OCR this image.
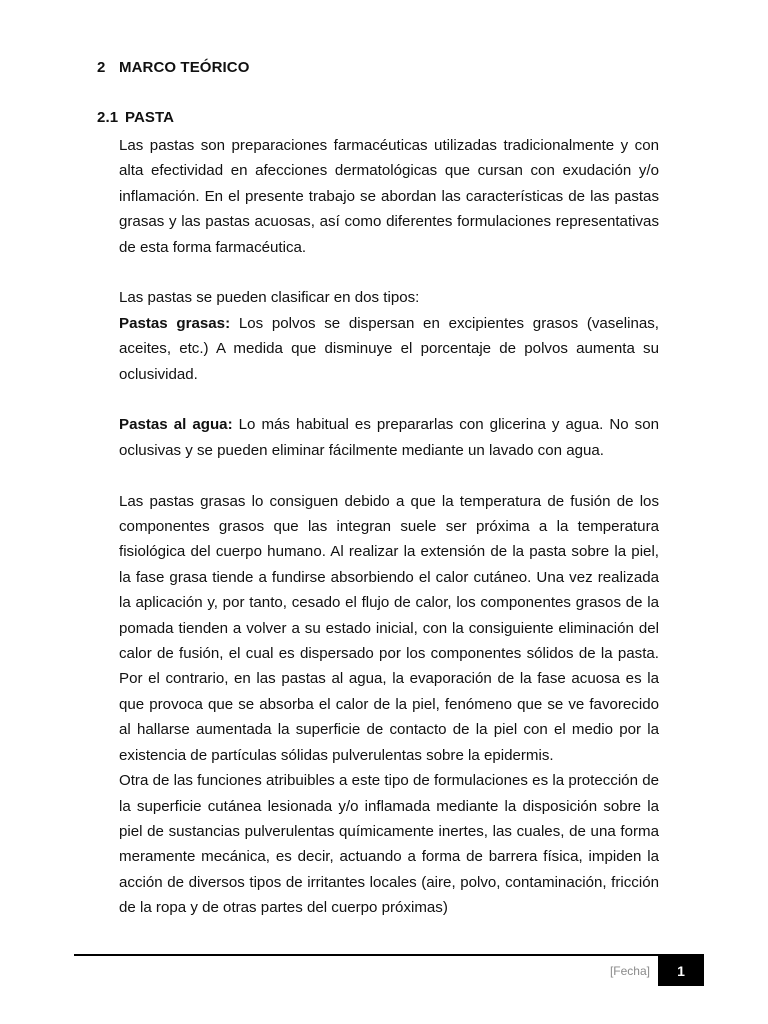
2 MARCO TEÓRICO
2.1 PASTA

Las pastas son preparaciones farmacéuticas utilizadas tradicionalmente y con alta efectividad en afecciones dermatológicas que cursan con exudación y/o inflamación. En el presente trabajo se abordan las características de las pastas grasas y las pastas acuosas, así como diferentes formulaciones representativas de esta forma farmacéutica.

Las pastas se pueden clasificar en dos tipos:

Pastas grasas: Los polvos se dispersan en excipientes grasos (vaselinas, aceites, etc.) A medida que disminuye el porcentaje de polvos aumenta su oclusividad.

Pastas al agua: Lo más habitual es prepararlas con glicerina y agua. No son oclusivas y se pueden eliminar fácilmente mediante un lavado con agua.

Las pastas grasas lo consiguen debido a que la temperatura de fusión de los componentes grasos que las integran suele ser próxima a la temperatura fisiológica del cuerpo humano. Al realizar la extensión de la pasta sobre la piel, la fase grasa tiende a fundirse absorbiendo el calor cutáneo. Una vez realizada la aplicación y, por tanto, cesado el flujo de calor, los componentes grasos de la pomada tienden a volver a su estado inicial, con la consiguiente eliminación del calor de fusión, el cual es dispersado por los componentes sólidos de la pasta. Por el contrario, en las pastas al agua, la evaporación de la fase acuosa es la que provoca que se absorba el calor de la piel, fenómeno que se ve favorecido al hallarse aumentada la superficie de contacto de la piel con el medio por la existencia de partículas sólidas pulverulentas sobre la epidermis.

Otra de las funciones atribuibles a este tipo de formulaciones es la protección de la superficie cutánea lesionada y/o inflamada mediante la disposición sobre la piel de sustancias pulverulentas químicamente inertes, las cuales, de una forma meramente mecánica, es decir, actuando a forma de barrera física, impiden la acción de diversos tipos de irritantes locales (aire, polvo, contaminación, fricción de la ropa y de otras partes del cuerpo próximas)

[Fecha] 1
